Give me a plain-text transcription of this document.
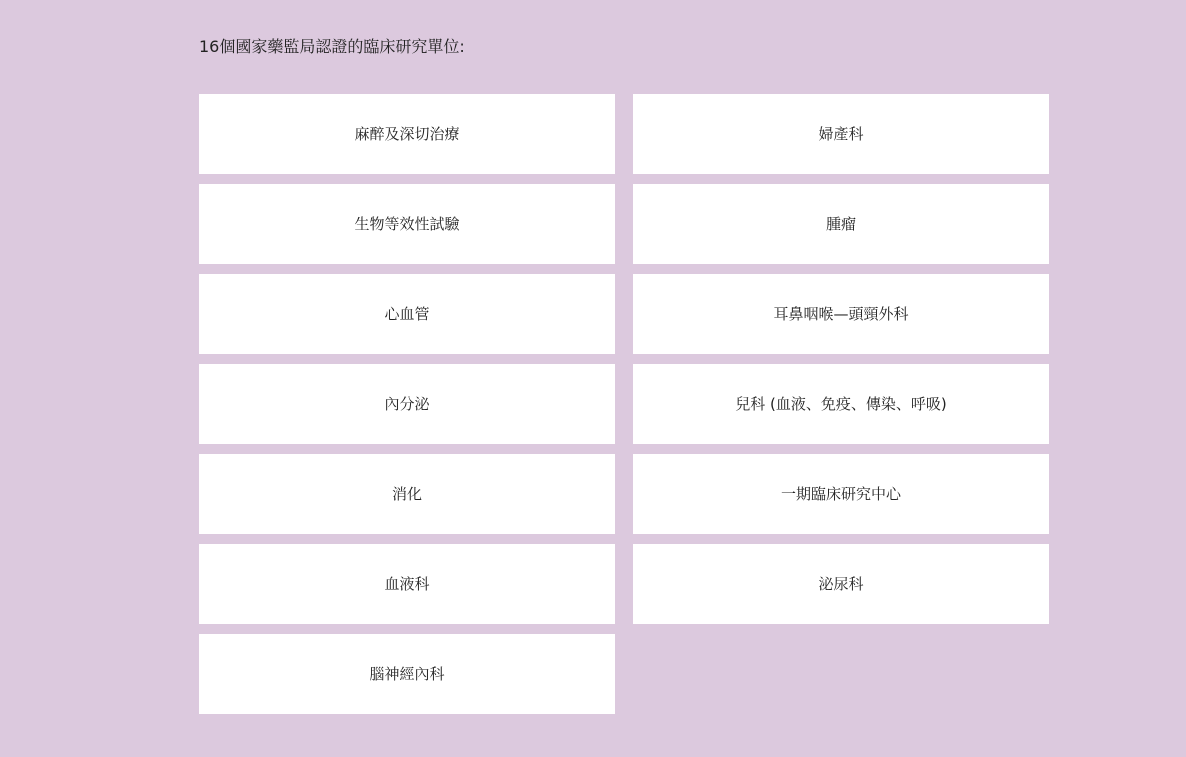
16個國家藥監局認證的臨床研究單位:
麻醉及深切治療	婦產科
生物等效性試驗	腫瘤
心血管	耳鼻咽喉—頭頸外科
內分泌	兒科 (血液、免疫、傳染、呼吸)
消化	一期臨床研究中心
血液科	泌尿科
腦神經內科
